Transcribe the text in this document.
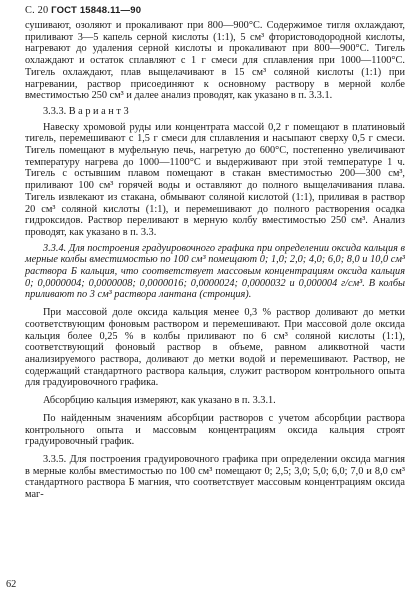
С. 20 ГОСТ 15848.11—90

сушивают, озоляют и прокаливают при 800—900°С. Содержимое тигля охлаждают, приливают 3—5 капель серной кислоты (1:1), 5 см³ фтористоводородной кислоты, нагревают до удаления серной кислоты и прокаливают при 800—900°С. Тигель охлаждают и остаток сплавляют с 1 г смеси для сплавления при 1000—1100°С. Тигель охлаждают, плав выщелачивают в 15 см³ соляной кислоты (1:1) при нагревании, раствор присоединяют к основному раствору в мерной колбе вместимостью 250 см³ и далее анализ проводят, как указано в п. 3.3.1.

3.3.3. В а р и а н т 3

Навеску хромовой руды или концентрата массой 0,2 г помещают в платиновый тигель, перемешивают с 1,5 г смеси для сплавления и насыпают сверху 0,5 г смеси. Тигель помещают в муфельную печь, нагретую до 600°С, постепенно увеличивают температуру нагрева до 1000—1100°С и выдерживают при этой температуре 1 ч. Тигель с остывшим плавом помещают в стакан вместимостью 200—300 см³, приливают 100 см³ горячей воды и оставляют до полного выщелачивания плава. Тигель извлекают из стакана, обмывают соляной кислотой (1:1), приливая в раствор 20 см³ соляной кислоты (1:1), и перемешивают до полного растворения осадка гидроксидов. Раствор переливают в мерную колбу вместимостью 250 см³. Анализ проводят, как указано в п. 3.3.

3.3.4. Для построения градуировочного графика при определении оксида кальция в мерные колбы вместимостью по 100 см³ помещают 0; 1,0; 2,0; 4,0; 6,0; 8,0 и 10,0 см³ раствора Б кальция, что соответствует массовым концентрациям оксида кальция 0; 0,0000004; 0,0000008; 0,0000016; 0,0000024; 0,0000032 и 0,000004 г/см³. В колбы приливают по 3 см³ раствора лантана (стронция).

При массовой доле оксида кальция менее 0,3 % раствор доливают до метки соответствующим фоновым раствором и перемешивают. При массовой доле оксида кальция более 0,25 % в колбы приливают по 6 см³ соляной кислоты (1:1), соответствующий фоновый раствор в объеме, равном аликвотной части анализируемого раствора, доливают до метки водой и перемешивают. Раствор, не содержащий стандартного раствора кальция, служит раствором контрольного опыта для градуировочного графика.

Абсорбцию кальция измеряют, как указано в п. 3.3.1.

По найденным значениям абсорбции растворов с учетом абсорбции раствора контрольного опыта и массовым концентрациям оксида кальция строят градуировочный график.

3.3.5. Для построения градуировочного графика при определении оксида магния в мерные колбы вместимостью по 100 см³ помещают 0; 2,5; 3,0; 5,0; 6,0; 7,0 и 8,0 см³ стандартного раствора Б магния, что соответствует массовым концентрациям оксида маг-

62
